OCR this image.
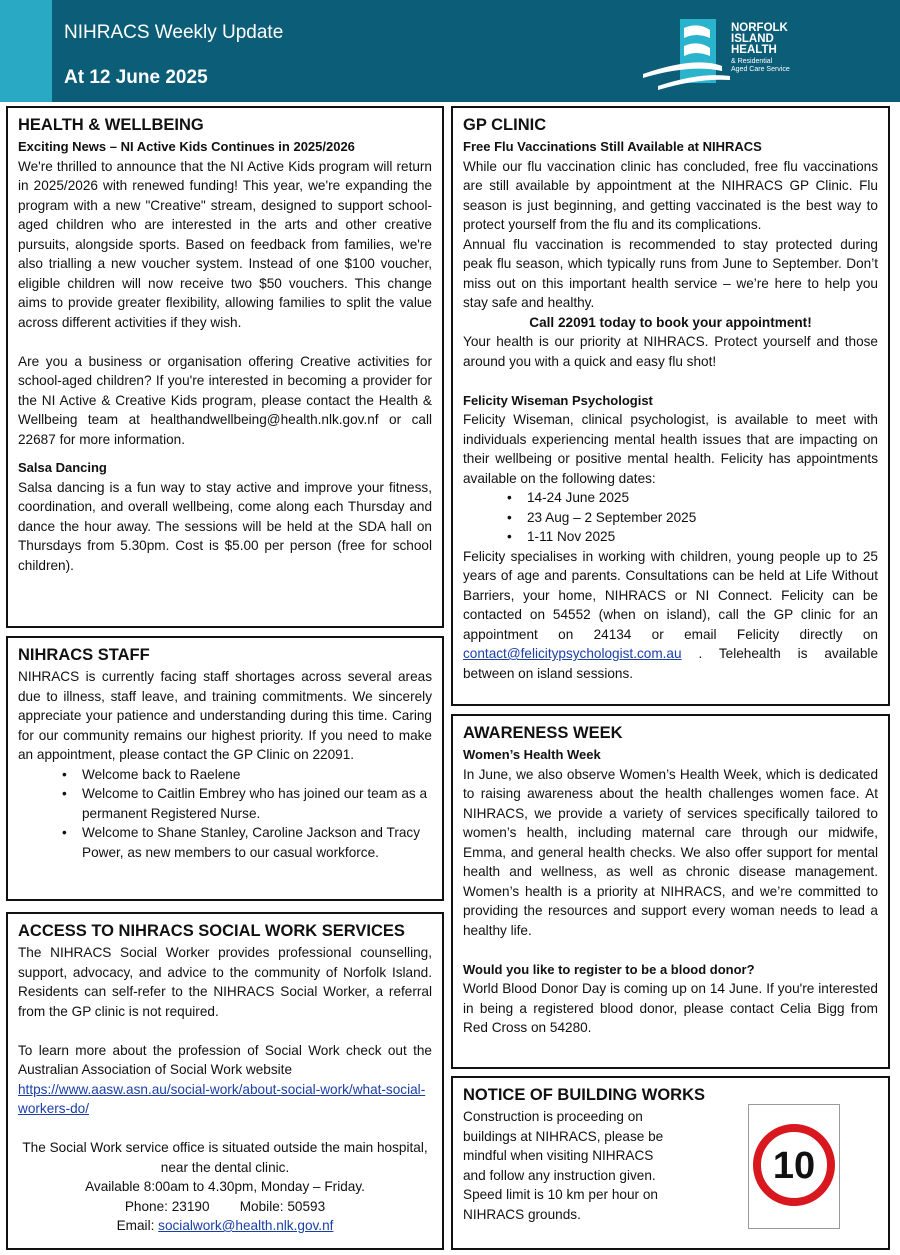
NIHRACS Weekly Update
At 12 June 2025
NORFOLK
ISLAND
HEALTH
& Residential
Aged Care Service
HEALTH & WELLBEING
Exciting News – NI Active Kids Continues in 2025/2026

We're thrilled to announce that the NI Active Kids program will return in 2025/2026 with renewed funding! This year, we're expanding the program with a new "Creative" stream, designed to support school-aged children who are interested in the arts and other creative pursuits, alongside sports. Based on feedback from families, we're also trialling a new voucher system. Instead of one $100 voucher, eligible children will now receive two $50 vouchers. This change aims to provide greater flexibility, allowing families to split the value across different activities if they wish.

Are you a business or organisation offering Creative activities for school-aged children? If you're interested in becoming a provider for the NI Active & Creative Kids program, please contact the Health & Wellbeing team at healthandwellbeing@health.nlk.gov.nf or call 22687 for more information.

Salsa Dancing

Salsa dancing is a fun way to stay active and improve your fitness, coordination, and overall wellbeing, come along each Thursday and dance the hour away. The sessions will be held at the SDA hall on Thursdays from 5.30pm. Cost is $5.00 per person (free for school children).

NIHRACS STAFF

NIHRACS is currently facing staff shortages across several areas due to illness, staff leave, and training commitments. We sincerely appreciate your patience and understanding during this time. Caring for our community remains our highest priority. If you need to make an appointment, please contact the GP Clinic on 22091.

• Welcome back to Raelene
• Welcome to Caitlin Embrey who has joined our team as a permanent Registered Nurse.
• Welcome to Shane Stanley, Caroline Jackson and Tracy Power, as new members to our casual workforce.
ACCESS TO NIHRACS SOCIAL WORK SERVICES

The NIHRACS Social Worker provides professional counselling, support, advocacy, and advice to the community of Norfolk Island. Residents can self-refer to the NIHRACS Social Worker, a referral from the GP clinic is not required.

To learn more about the profession of Social Work check out the Australian Association of Social Work website

https://www.aasw.asn.au/social-work/about-social-work/what-social-workers-do/

The Social Work service office is situated outside the main hospital, near the dental clinic.

Available 8:00am to 4.30pm, Monday – Friday.

Phone: 23190        Mobile: 50593

Email: socialwork@health.nlk.gov.nf

GP CLINIC
Free Flu Vaccinations Still Available at NIHRACS

While our flu vaccination clinic has concluded, free flu vaccinations are still available by appointment at the NIHRACS GP Clinic. Flu season is just beginning, and getting vaccinated is the best way to protect yourself from the flu and its complications.

Annual flu vaccination is recommended to stay protected during peak flu season, which typically runs from June to September. Don’t miss out on this important health service – we’re here to help you stay safe and healthy.

Call 22091 today to book your appointment!

Your health is our priority at NIHRACS. Protect yourself and those around you with a quick and easy flu shot!

Felicity Wiseman Psychologist

Felicity Wiseman, clinical psychologist, is available to meet with individuals experiencing mental health issues that are impacting on their wellbeing or positive mental health. Felicity has appointments available on the following dates:

• 14-24 June 2025
• 23 Aug – 2 September 2025
• 1-11 Nov 2025

Felicity specialises in working with children, young people up to 25 years of age and parents. Consultations can be held at Life Without Barriers, your home, NIHRACS or NI Connect. Felicity can be contacted on 54552 (when on island), call the GP clinic for an appointment on 24134 or email Felicity directly on contact@felicitypsychologist.com.au . Telehealth is available between on island sessions.

AWARENESS WEEK
Women’s Health Week

In June, we also observe Women’s Health Week, which is dedicated to raising awareness about the health challenges women face. At NIHRACS, we provide a variety of services specifically tailored to women’s health, including maternal care through our midwife, Emma, and general health checks. We also offer support for mental health and wellness, as well as chronic disease management. Women’s health is a priority at NIHRACS, and we’re committed to providing the resources and support every woman needs to lead a healthy life.

Would you like to register to be a blood donor?

World Blood Donor Day is coming up on 14 June. If you're interested in being a registered blood donor, please contact Celia Bigg from Red Cross on 54280.

NOTICE OF BUILDING WORKS

Construction is proceeding on

buildings at NIHRACS, please be

mindful when visiting NIHRACS

and follow any instruction given.

Speed limit is 10 km per hour on

NIHRACS grounds.

10
